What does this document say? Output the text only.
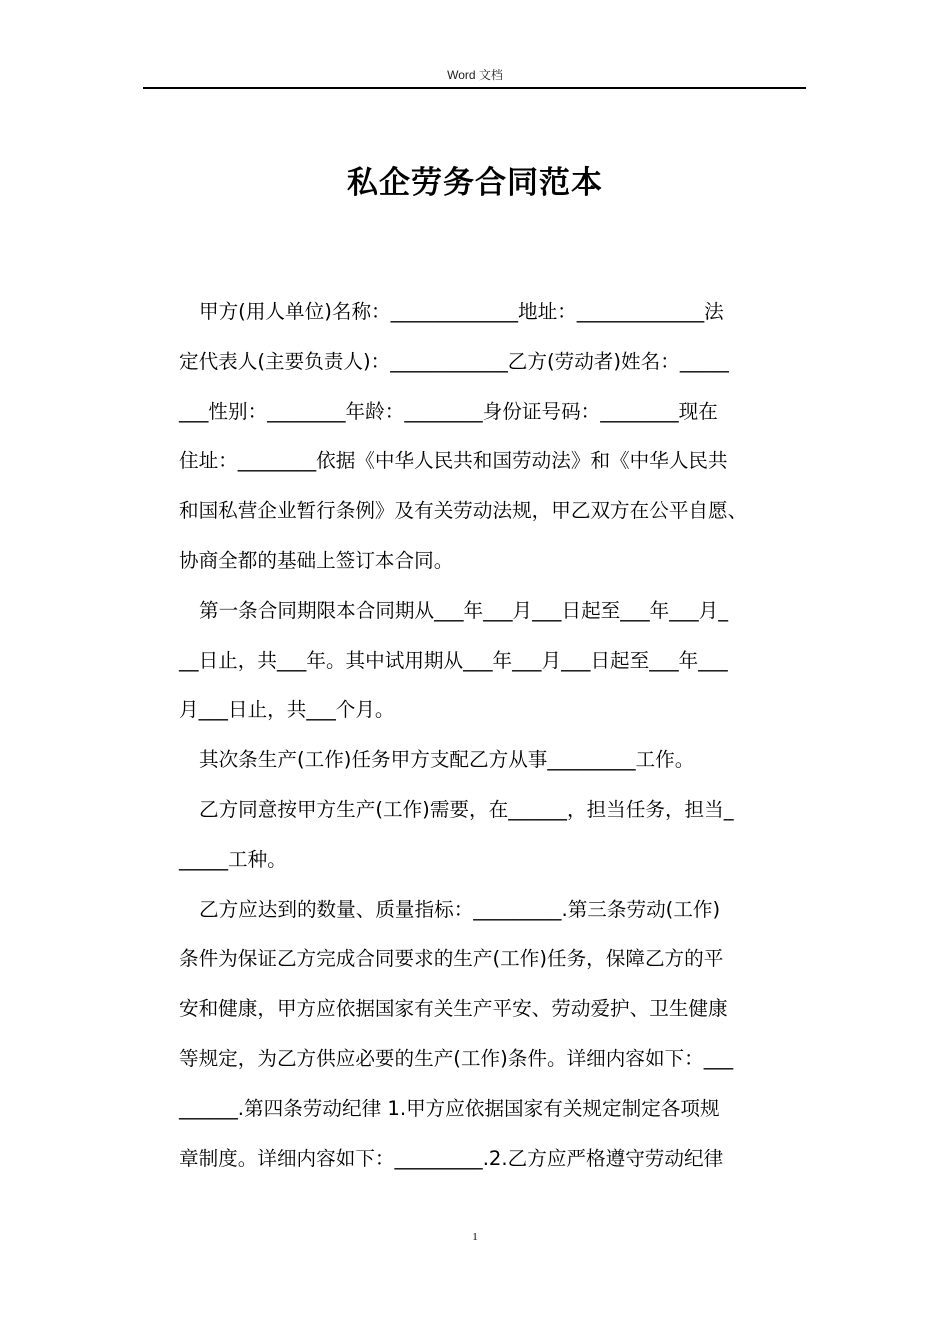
Word 文档
私企劳务合同范本
甲方(用人单位)名称：_____________地址：_____________法
定代表人(主要负责人)：____________乙方(劳动者)姓名：_____
___性别：________年龄：________身份证号码：________现在
住址：________依据《中华人民共和国劳动法》和《中华人民共
和国私营企业暂行条例》及有关劳动法规，甲乙双方在公平自愿、
协商全都的基础上签订本合同。
第一条合同期限本合同期从___年___月___日起至___年___月_
__日止，共___年。其中试用期从___年___月___日起至___年___
月___日止，共___个月。
其次条生产(工作)任务甲方支配乙方从事_________工作。
乙方同意按甲方生产(工作)需要，在______，担当任务，担当_
_____工种。
乙方应达到的数量、质量指标：_________.第三条劳动(工作)
条件为保证乙方完成合同要求的生产(工作)任务，保障乙方的平
安和健康，甲方应依据国家有关生产平安、劳动爱护、卫生健康
等规定，为乙方供应必要的生产(工作)条件。详细内容如下：___
______.第四条劳动纪律 1.甲方应依据国家有关规定制定各项规
章制度。详细内容如下：_________.2.乙方应严格遵守劳动纪律
1
